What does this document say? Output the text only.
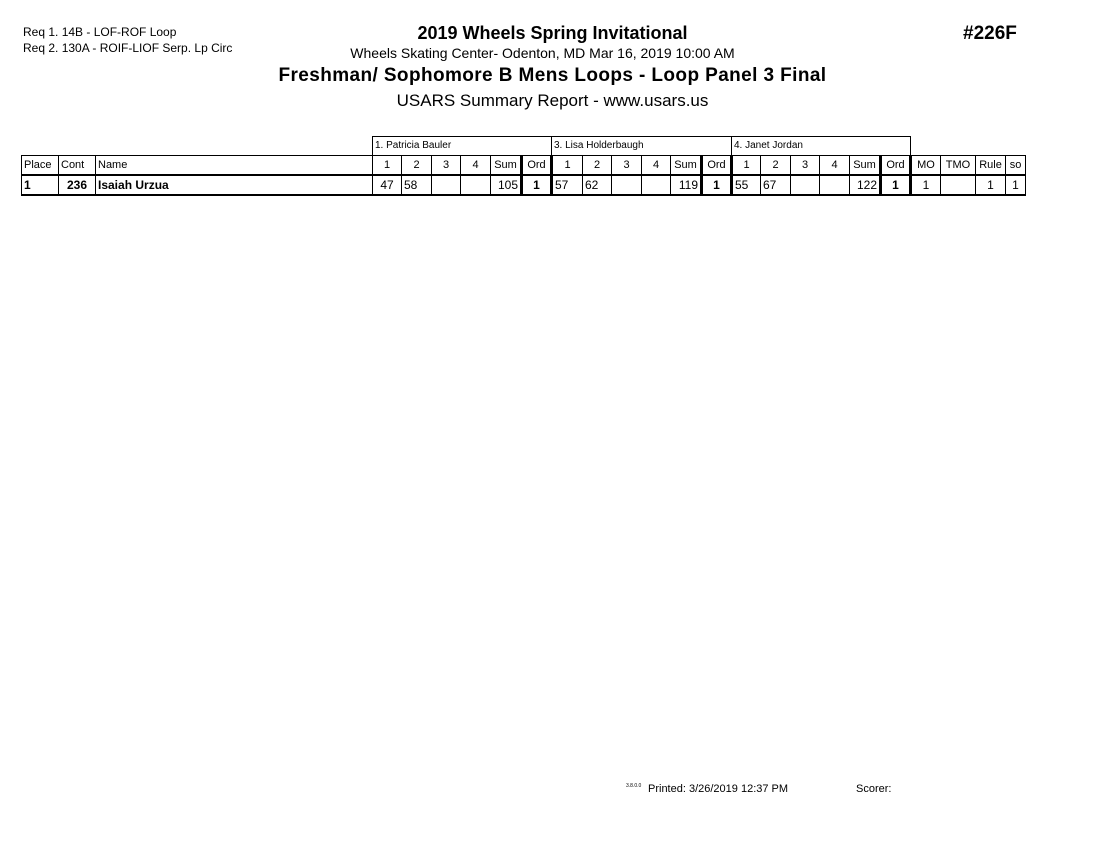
Req 1. 14B - LOF-ROF Loop
Req 2. 130A - ROIF-LIOF Serp. Lp Circ
2019 Wheels Spring Invitational
Wheels Skating Center- Odenton, MD Mar 16, 2019 10:00 AM
Freshman/ Sophomore B Mens Loops - Loop Panel 3 Final
USARS Summary Report - www.usars.us
#226F
			1. Patricia Bauler						3. Lisa Holderbaugh						4. Janet Jordan									
Place	Cont	Name	1	2	3	4	Sum	Ord	1	2	3	4	Sum	Ord	1	2	3	4	Sum	Ord	MO	TMO	Rule	so
1	236	Isaiah Urzua	47	58			105	1	57	62			119	1	55	67			122	1	1		1	1
3.8.0.0 Printed: 3/26/2019 12:37 PM	Scorer:
